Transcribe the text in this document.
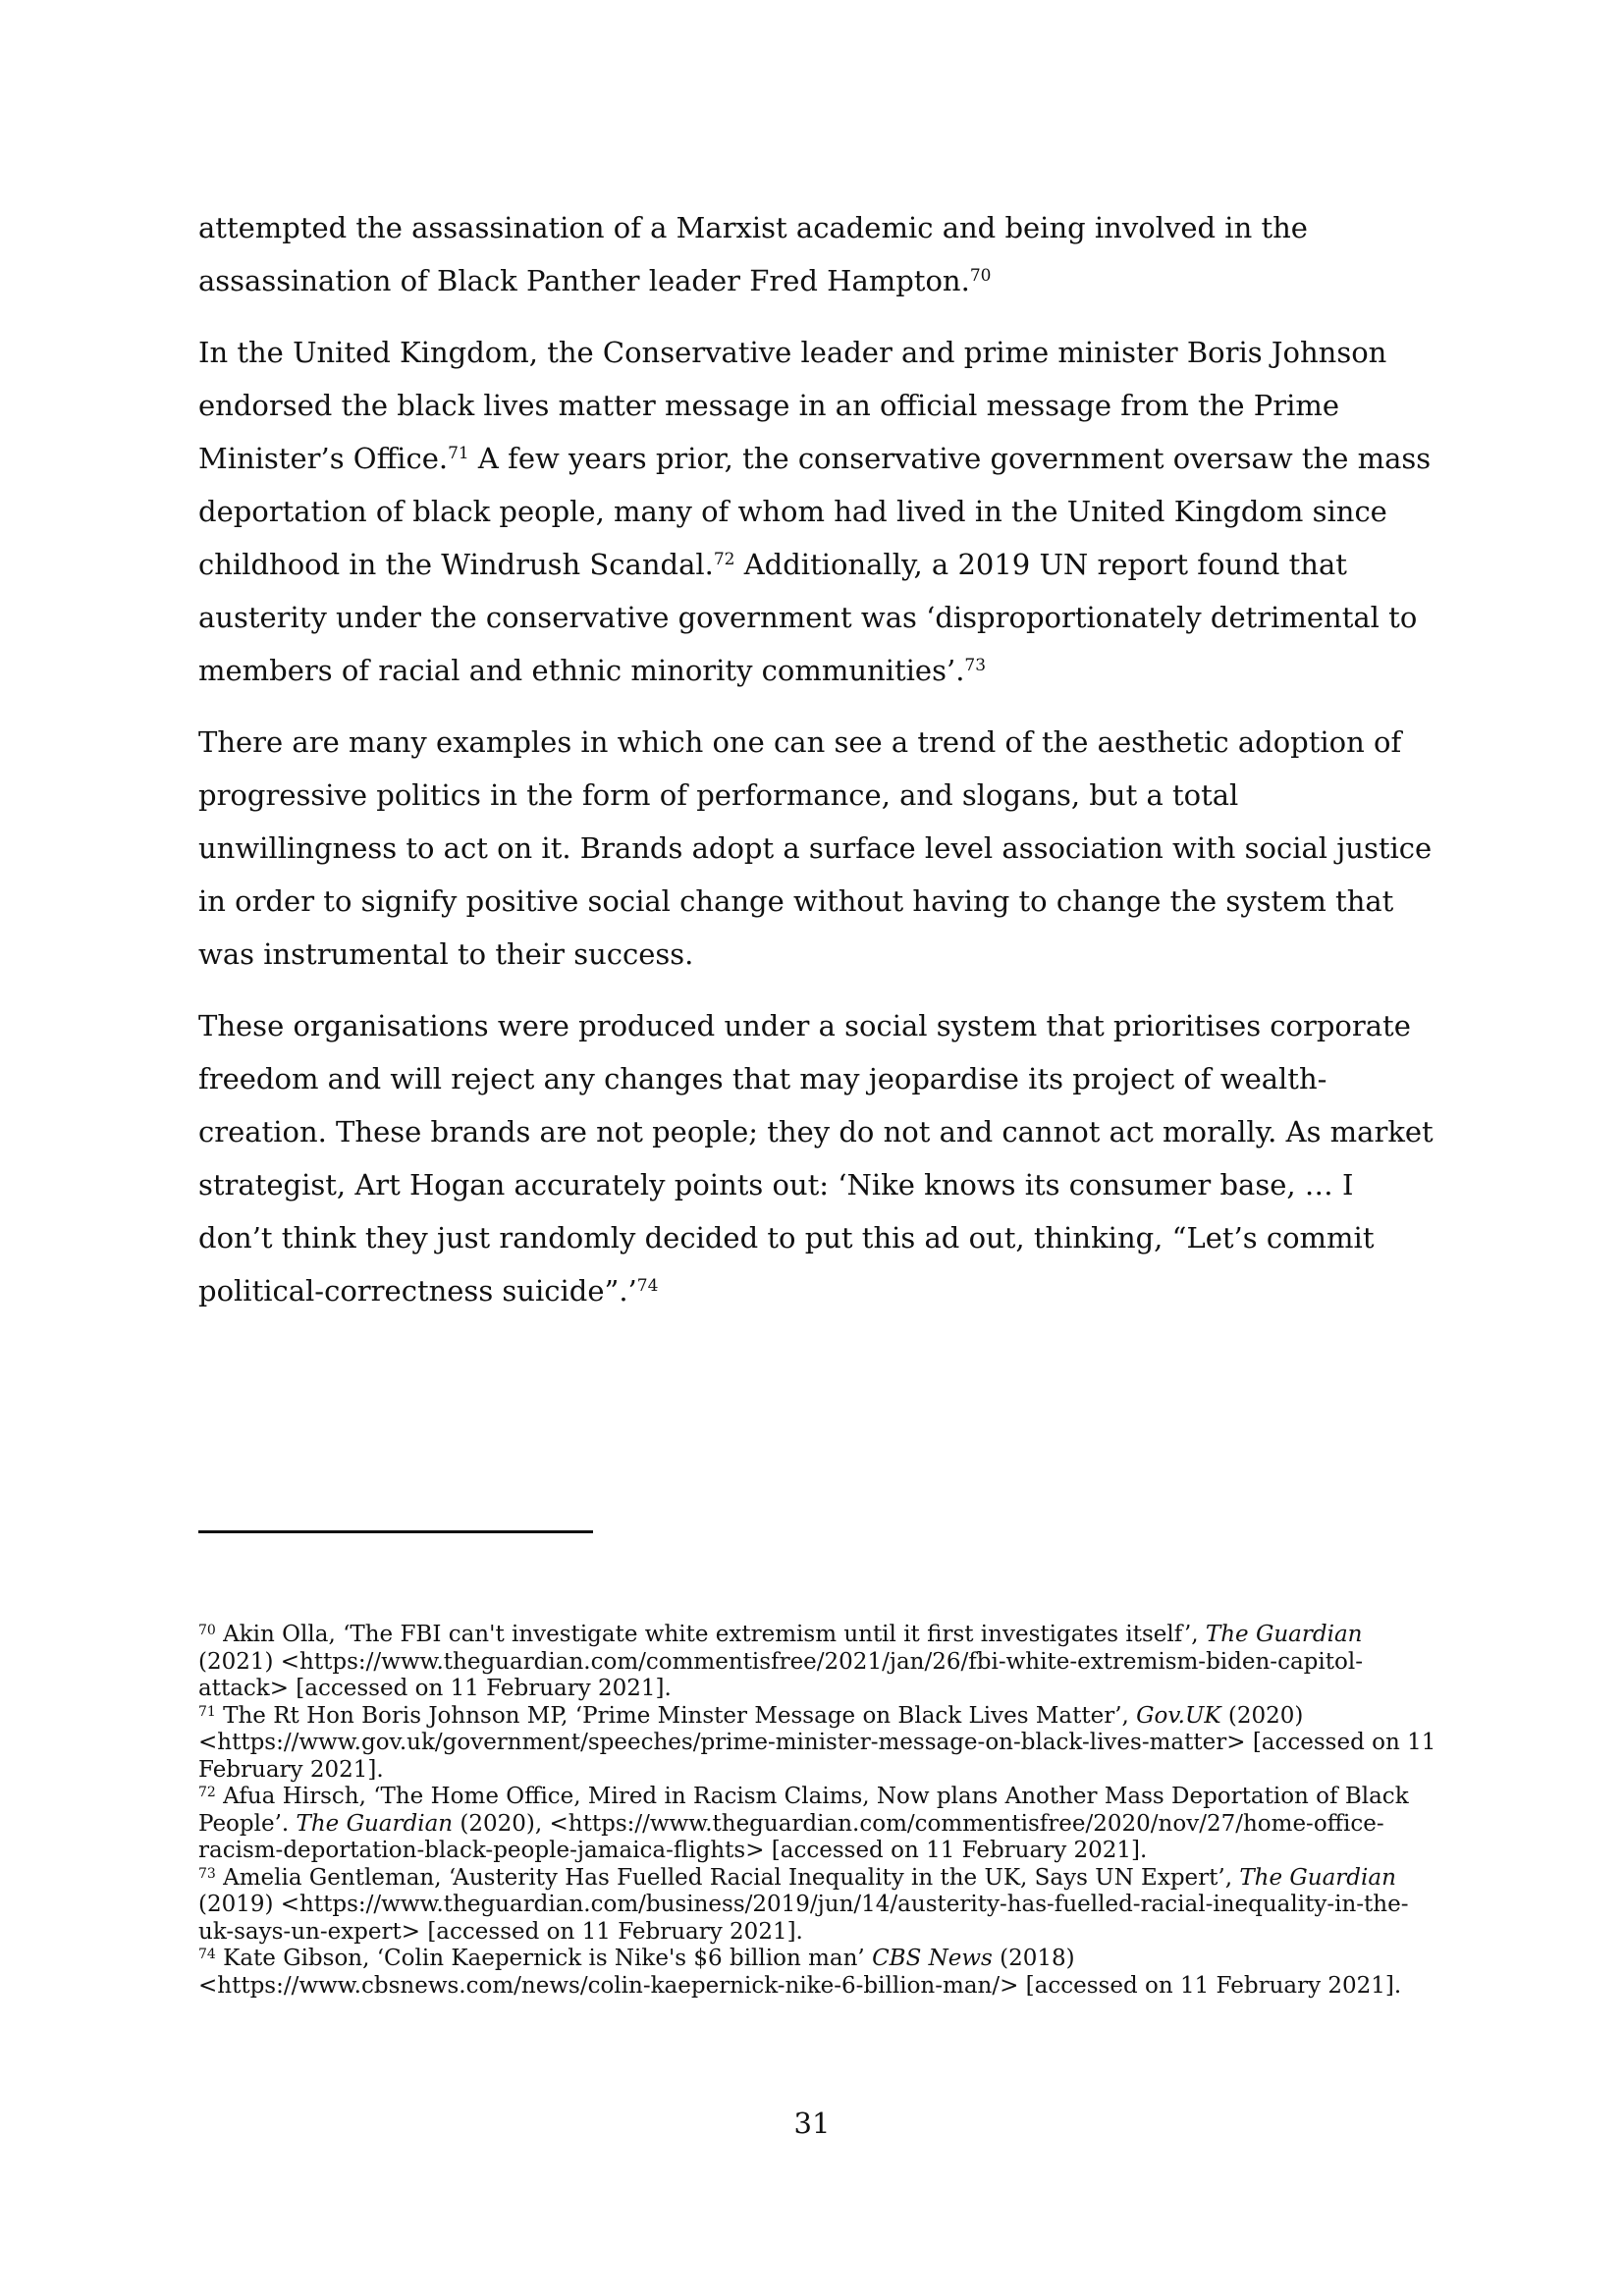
attempted the assassination of a Marxist academic and being involved in the assassination of Black Panther leader Fred Hampton.$^{70}$

In the United Kingdom, the Conservative leader and prime minister Boris Johnson endorsed the black lives matter message in an official message from the Prime Minister’s Office.$^{71}$ A few years prior, the conservative government oversaw the mass deportation of black people, many of whom had lived in the United Kingdom since childhood in the Windrush Scandal.$^{72}$ Additionally, a 2019 UN report found that austerity under the conservative government was ‘disproportionately detrimental to members of racial and ethnic minority communities’.$^{73}$

There are many examples in which one can see a trend of the aesthetic adoption of progressive politics in the form of performance, and slogans, but a total unwillingness to act on it. Brands adopt a surface level association with social justice in order to signify positive social change without having to change the system that was instrumental to their success.

These organisations were produced under a social system that prioritises corporate freedom and will reject any changes that may jeopardise its project of wealth-creation. These brands are not people; they do not and cannot act morally. As market strategist, Art Hogan accurately points out: ‘Nike knows its consumer base, … I don’t think they just randomly decided to put this ad out, thinking, “Let’s commit political-correctness suicide”.’$^{74}$

$^{70}$ Akin Olla, ‘The FBI can't investigate white extremism until it first investigates itself’, The Guardian (2021) <https://www.theguardian.com/commentisfree/2021/jan/26/fbi-white-extremism-biden-capitol-attack> [accessed on 11 February 2021].

$^{71}$ The Rt Hon Boris Johnson MP, ‘Prime Minster Message on Black Lives Matter’, Gov.UK (2020) <https://www.gov.uk/government/speeches/prime-minister-message-on-black-lives-matter> [accessed on 11 February 2021].

$^{72}$ Afua Hirsch, ‘The Home Office, Mired in Racism Claims, Now plans Another Mass Deportation of Black People’. The Guardian (2020), <https://www.theguardian.com/commentisfree/2020/nov/27/home-office-racism-deportation-black-people-jamaica-flights> [accessed on 11 February 2021].

$^{73}$ Amelia Gentleman, ‘Austerity Has Fuelled Racial Inequality in the UK, Says UN Expert’, The Guardian (2019) <https://www.theguardian.com/business/2019/jun/14/austerity-has-fuelled-racial-inequality-in-the-uk-says-un-expert> [accessed on 11 February 2021].

$^{74}$ Kate Gibson, ‘Colin Kaepernick is Nike's $6 billion man’ CBS News (2018) <https://www.cbsnews.com/news/colin-kaepernick-nike-6-billion-man/> [accessed on 11 February 2021].

31
